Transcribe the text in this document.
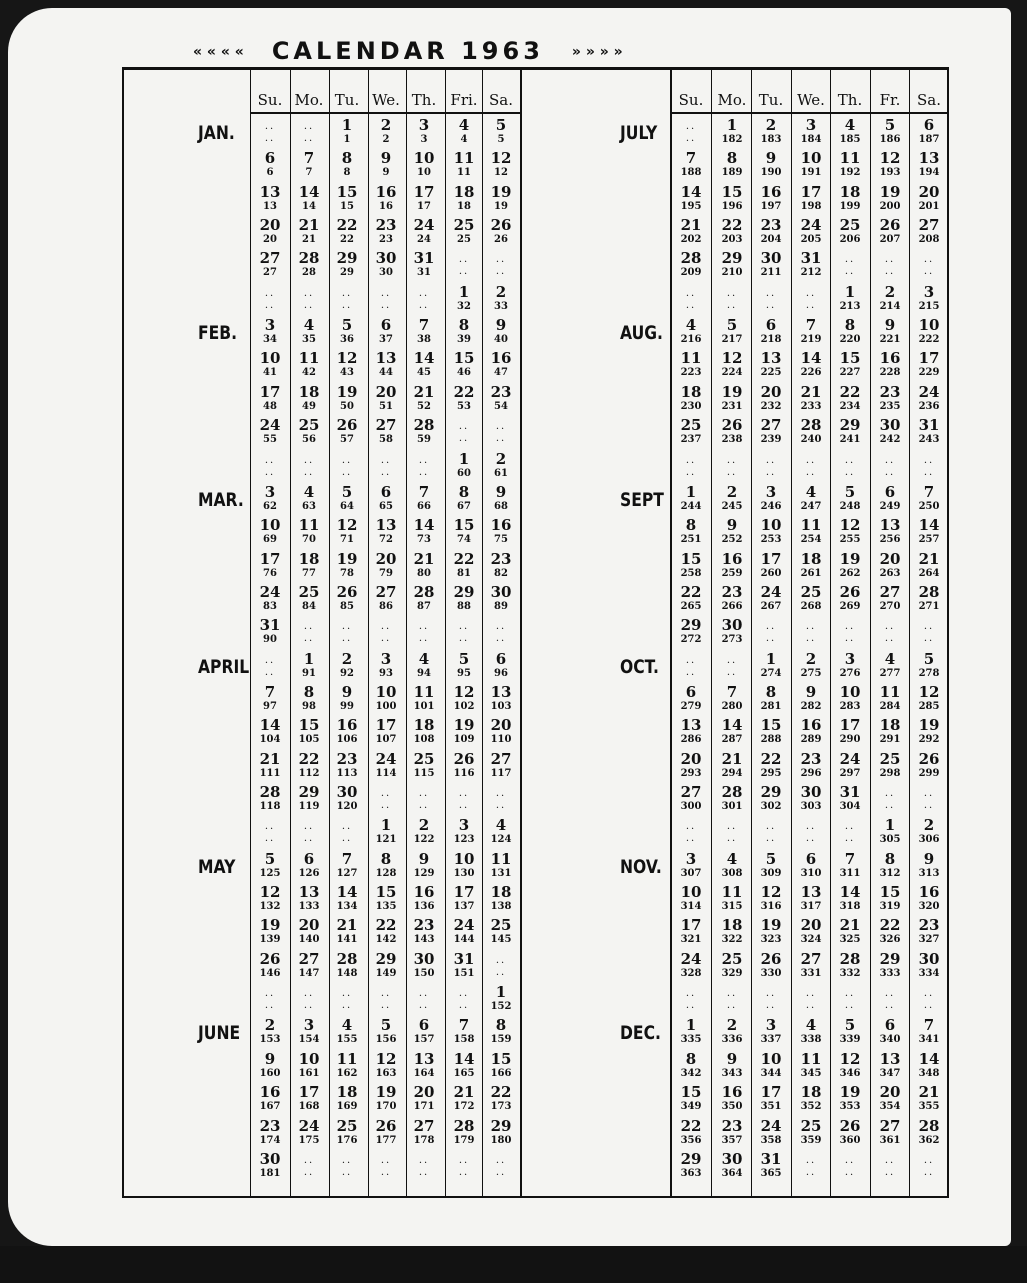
« « « « CALENDAR 1963 » » » »
Su. Mo. Tu. We. Th. Fri. Sa.	Su. Mo. Tu. We. Th. Fr. Sa.
JAN.
FEB.
MAR.
APRIL
MAY
JUNE
..
..
..
..
1
1
2
2
3
3
4
4
5
5
6
6
7
7
8
8
9
9
10
10
11
11
12
12
13
13
14
14
15
15
16
16
17
17
18
18
19
19
20
20
21
21
22
22
23
23
24
24
25
25
26
26
27
27
28
28
29
29
30
30
31
31
..
..
..
..
..
..
..
..
..
..
..
..
..
..
1
32
2
33
3
34
4
35
5
36
6
37
7
38
8
39
9
40
10
41
11
42
12
43
13
44
14
45
15
46
16
47
17
48
18
49
19
50
20
51
21
52
22
53
23
54
24
55
25
56
26
57
27
58
28
59
..
..
..
..
..
..
..
..
..
..
..
..
..
..
1
60
2
61
3
62
4
63
5
64
6
65
7
66
8
67
9
68
10
69
11
70
12
71
13
72
14
73
15
74
16
75
17
76
18
77
19
78
20
79
21
80
22
81
23
82
24
83
25
84
26
85
27
86
28
87
29
88
30
89
31
90
..
..
..
..
..
..
..
..
..
..
..
..
..
..
1
91
2
92
3
93
4
94
5
95
6
96
7
97
8
98
9
99
10
100
11
101
12
102
13
103
14
104
15
105
16
106
17
107
18
108
19
109
20
110
21
111
22
112
23
113
24
114
25
115
26
116
27
117
28
118
29
119
30
120
..
..
..
..
..
..
..
..
..
..
..
..
..
..
1
121
2
122
3
123
4
124
5
125
6
126
7
127
8
128
9
129
10
130
11
131
12
132
13
133
14
134
15
135
16
136
17
137
18
138
19
139
20
140
21
141
22
142
23
143
24
144
25
145
26
146
27
147
28
148
29
149
30
150
31
151
..
..
..
..
..
..
..
..
..
..
..
..
..
..
1
152
2
153
3
154
4
155
5
156
6
157
7
158
8
159
9
160
10
161
11
162
12
163
13
164
14
165
15
166
16
167
17
168
18
169
19
170
20
171
21
172
22
173
23
174
24
175
25
176
26
177
27
178
28
179
29
180
30
181
..
..
..
..
..
..
..
..
..
..
..
..
JULY
AUG.
SEPT
OCT.
NOV.
DEC.
..
..
1
182
2
183
3
184
4
185
5
186
6
187
7
188
8
189
9
190
10
191
11
192
12
193
13
194
14
195
15
196
16
197
17
198
18
199
19
200
20
201
21
202
22
203
23
204
24
205
25
206
26
207
27
208
28
209
29
210
30
211
31
212
..
..
..
..
..
..
..
..
..
..
..
..
..
..
1
213
2
214
3
215
4
216
5
217
6
218
7
219
8
220
9
221
10
222
11
223
12
224
13
225
14
226
15
227
16
228
17
229
18
230
19
231
20
232
21
233
22
234
23
235
24
236
25
237
26
238
27
239
28
240
29
241
30
242
31
243
..
..
..
..
..
..
..
..
..
..
..
..
..
..
1
244
2
245
3
246
4
247
5
248
6
249
7
250
8
251
9
252
10
253
11
254
12
255
13
256
14
257
15
258
16
259
17
260
18
261
19
262
20
263
21
264
22
265
23
266
24
267
25
268
26
269
27
270
28
271
29
272
30
273
..
..
..
..
..
..
..
..
..
..
..
..
..
..
1
274
2
275
3
276
4
277
5
278
6
279
7
280
8
281
9
282
10
283
11
284
12
285
13
286
14
287
15
288
16
289
17
290
18
291
19
292
20
293
21
294
22
295
23
296
24
297
25
298
26
299
27
300
28
301
29
302
30
303
31
304
..
..
..
..
..
..
..
..
..
..
..
..
..
..
1
305
2
306
3
307
4
308
5
309
6
310
7
311
8
312
9
313
10
314
11
315
12
316
13
317
14
318
15
319
16
320
17
321
18
322
19
323
20
324
21
325
22
326
23
327
24
328
25
329
26
330
27
331
28
332
29
333
30
334
..
..
..
..
..
..
..
..
..
..
..
..
..
..
1
335
2
336
3
337
4
338
5
339
6
340
7
341
8
342
9
343
10
344
11
345
12
346
13
347
14
348
15
349
16
350
17
351
18
352
19
353
20
354
21
355
22
356
23
357
24
358
25
359
26
360
27
361
28
362
29
363
30
364
31
365
..
..
..
..
..
..
..
..
